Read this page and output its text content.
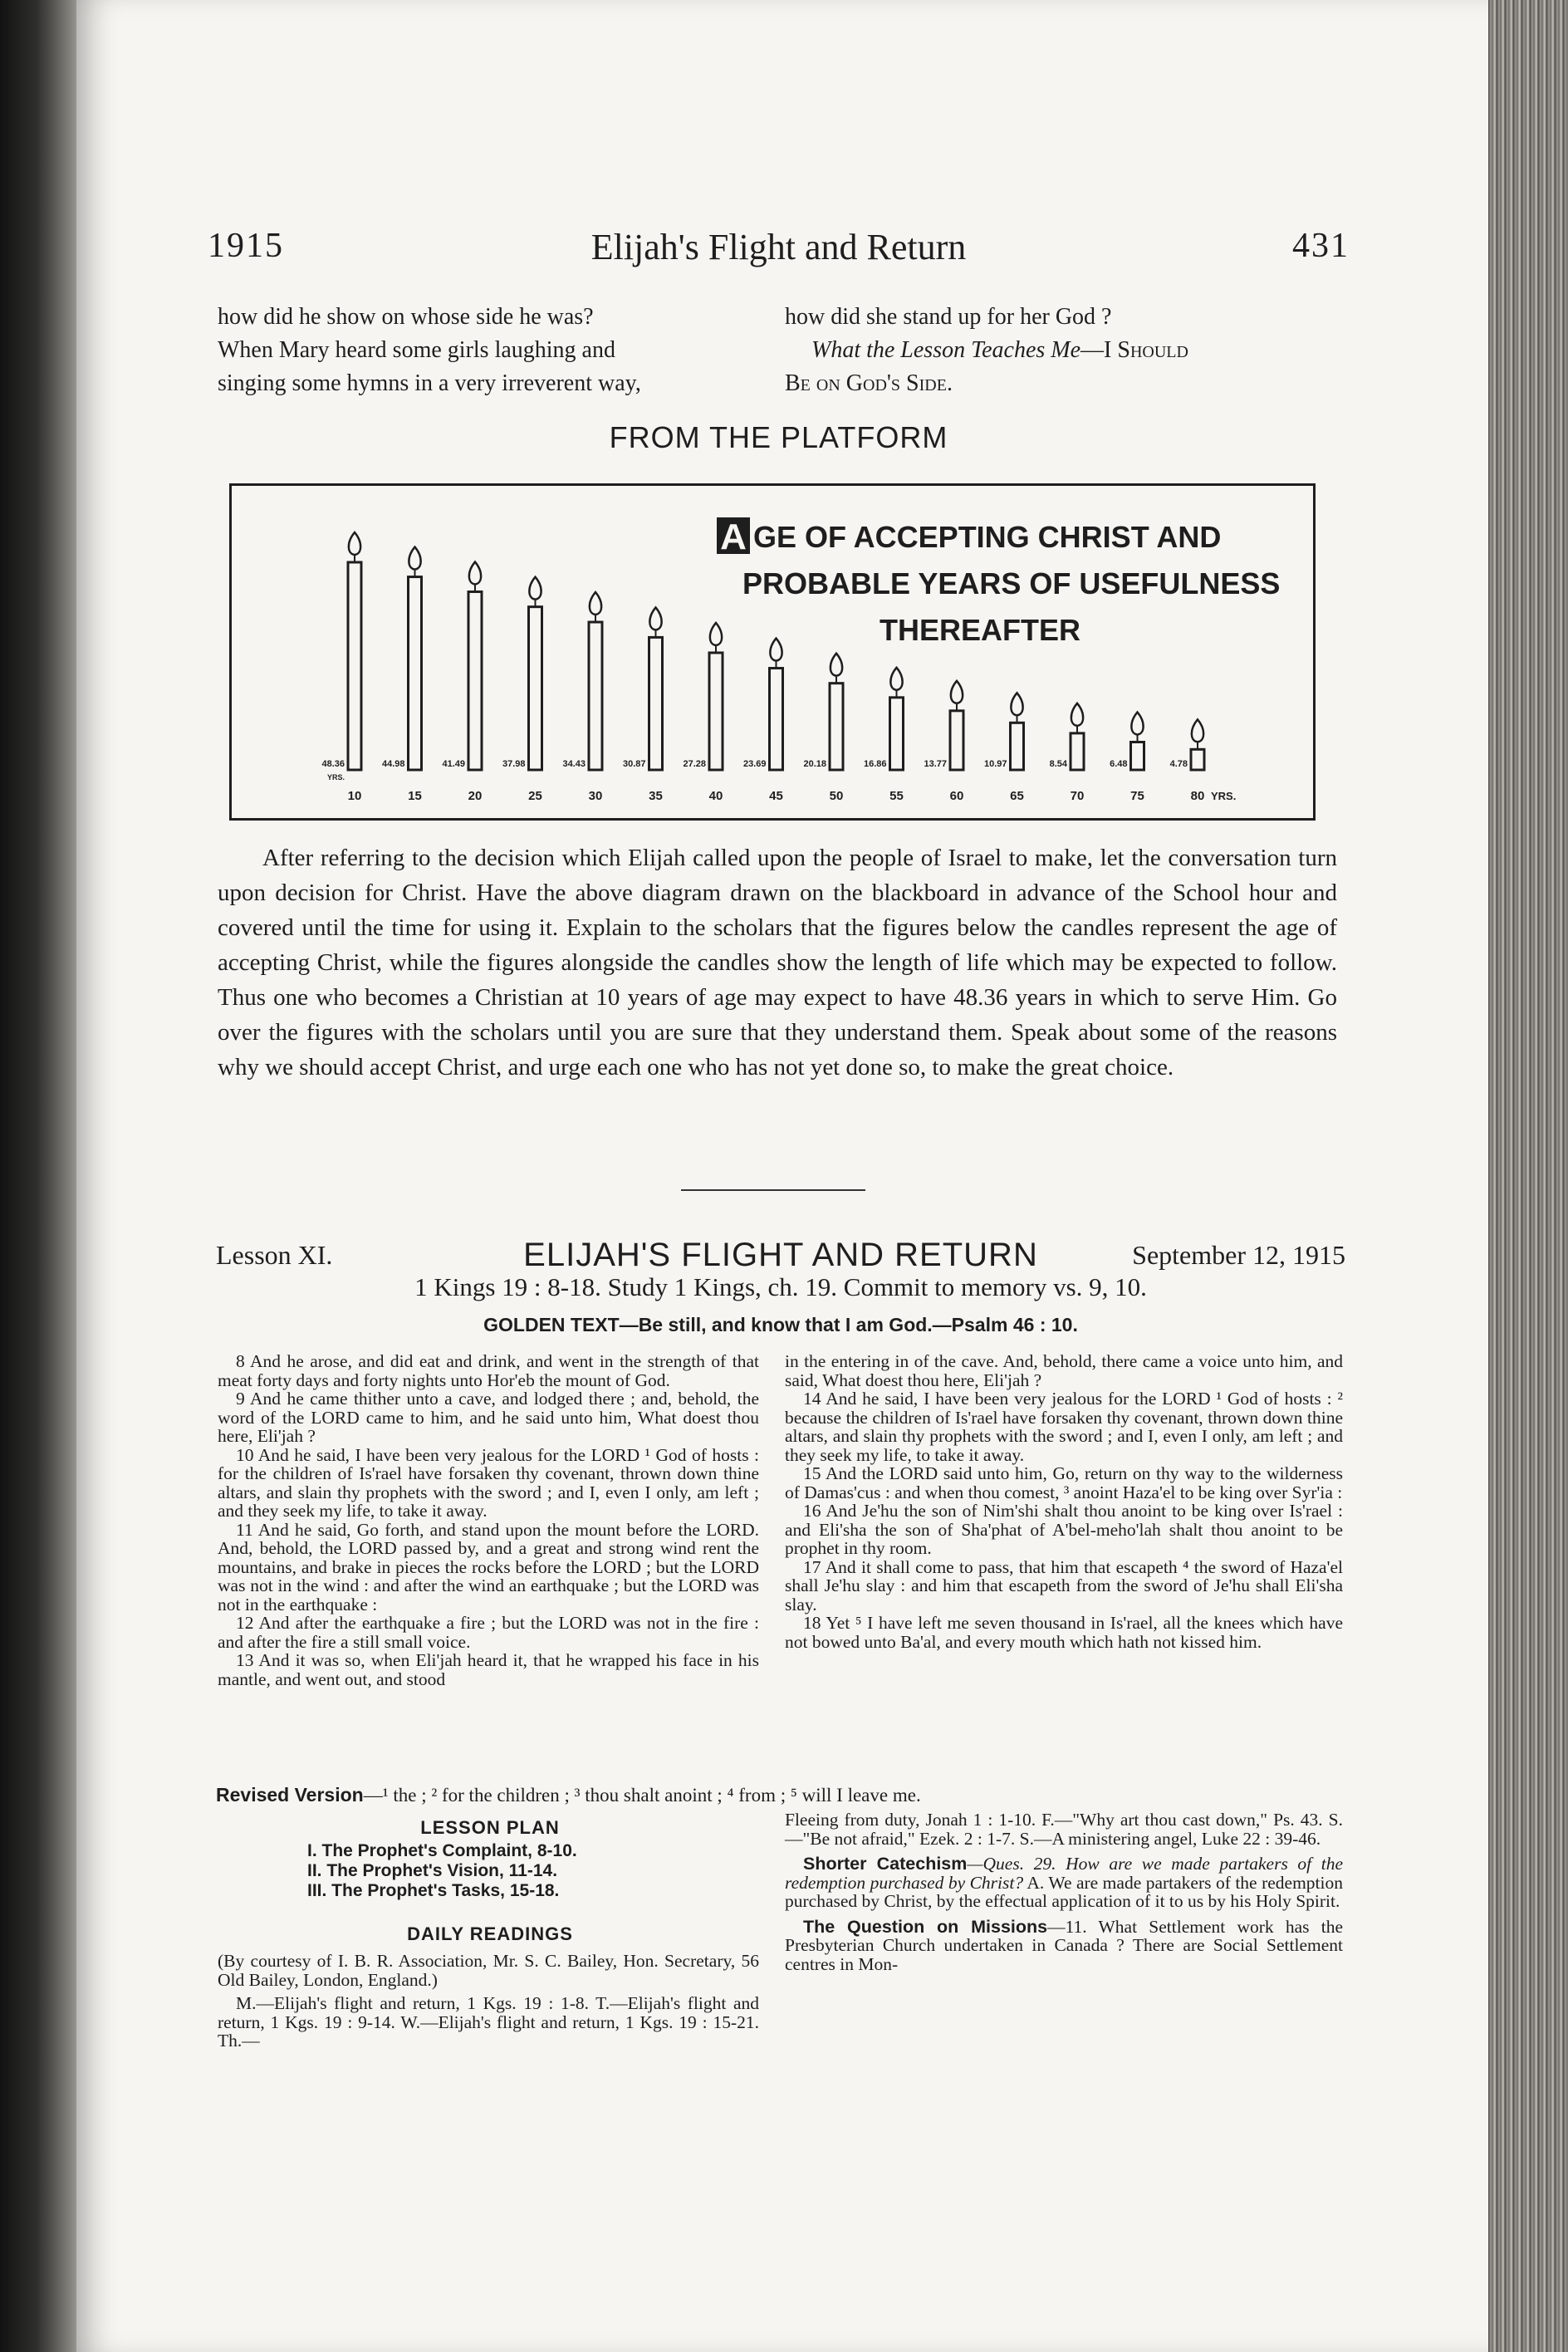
1915	Elijah's Flight and Return	431

how did he show on whose side he was?

When Mary heard some girls laughing and

singing some hymns in a very irreverent way,

how did she stand up for her God ?

What the Lesson Teaches Me—I Should

Be on God's Side.

FROM THE PLATFORM
A GE OF ACCEPTING CHRIST AND
PROBABLE YEARS OF USEFULNESS
THEREAFTER
48.36
10
44.98
15
41.49
20
37.98
25
34.43
30
30.87
35
27.28
40
23.69
45
20.18
50
16.86
55
13.77
60
10.97
65
8.54
70
6.48
75
4.78
80
YRS.
YRS.

After referring to the decision which Elijah called upon the people of Israel to make, let the conversation turn upon decision for Christ. Have the above diagram drawn on the blackboard in advance of the School hour and covered until the time for using it. Explain to the scholars that the figures below the candles represent the age of accepting Christ, while the figures alongside the candles show the length of life which may be expected to follow. Thus one who becomes a Christian at 10 years of age may expect to have 48.36 years in which to serve Him. Go over the figures with the scholars until you are sure that they understand them. Speak about some of the reasons why we should accept Christ, and urge each one who has not yet done so, to make the great choice.

Lesson XI.	ELIJAH'S FLIGHT AND RETURN	September 12, 1915
1 Kings 19 : 8-18. Study 1 Kings, ch. 19. Commit to memory vs. 9, 10.
GOLDEN TEXT—Be still, and know that I am God.—Psalm 46 : 10.

8 And he arose, and did eat and drink, and went in the strength of that meat forty days and forty nights unto Hor'eb the mount of God.

9 And he came thither unto a cave, and lodged there ; and, behold, the word of the LORD came to him, and he said unto him, What doest thou here, Eli'jah ?

10 And he said, I have been very jealous for the LORD ¹ God of hosts : for the children of Is'rael have forsaken thy covenant, thrown down thine altars, and slain thy prophets with the sword ; and I, even I only, am left ; and they seek my life, to take it away.

11 And he said, Go forth, and stand upon the mount before the LORD. And, behold, the LORD passed by, and a great and strong wind rent the mountains, and brake in pieces the rocks before the LORD ; but the LORD was not in the wind : and after the wind an earthquake ; but the LORD was not in the earthquake :

12 And after the earthquake a fire ; but the LORD was not in the fire : and after the fire a still small voice.

13 And it was so, when Eli'jah heard it, that he wrapped his face in his mantle, and went out, and stood

in the entering in of the cave. And, behold, there came a voice unto him, and said, What doest thou here, Eli'jah ?

14 And he said, I have been very jealous for the LORD ¹ God of hosts : ² because the children of Is'rael have forsaken thy covenant, thrown down thine altars, and slain thy prophets with the sword ; and I, even I only, am left ; and they seek my life, to take it away.

15 And the LORD said unto him, Go, return on thy way to the wilderness of Damas'cus : and when thou comest, ³ anoint Haza'el to be king over Syr'ia :

16 And Je'hu the son of Nim'shi shalt thou anoint to be king over Is'rael : and Eli'sha the son of Sha'phat of A'bel-meho'lah shalt thou anoint to be prophet in thy room.

17 And it shall come to pass, that him that escapeth ⁴ the sword of Haza'el shall Je'hu slay : and him that escapeth from the sword of Je'hu shall Eli'sha slay.

18 Yet ⁵ I have left me seven thousand in Is'rael, all the knees which have not bowed unto Ba'al, and every mouth which hath not kissed him.

Revised Version—¹ the ; ² for the children ; ³ thou shalt anoint ; ⁴ from ; ⁵ will I leave me.
LESSON PLAN
I. The Prophet's Complaint, 8-10.
II. The Prophet's Vision, 11-14.
III. The Prophet's Tasks, 15-18.
DAILY READINGS

(By courtesy of I. B. R. Association, Mr. S. C. Bailey, Hon. Secretary, 56 Old Bailey, London, England.)

M.—Elijah's flight and return, 1 Kgs. 19 : 1-8. T.—Elijah's flight and return, 1 Kgs. 19 : 9-14. W.—Elijah's flight and return, 1 Kgs. 19 : 15-21. Th.—

Fleeing from duty, Jonah 1 : 1-10. F.—"Why art thou cast down," Ps. 43. S.—"Be not afraid," Ezek. 2 : 1-7. S.—A ministering angel, Luke 22 : 39-46.

Shorter Catechism—Ques. 29. How are we made partakers of the redemption purchased by Christ? A. We are made partakers of the redemption purchased by Christ, by the effectual application of it to us by his Holy Spirit.

The Question on Missions—11. What Settlement work has the Presbyterian Church undertaken in Canada ? There are Social Settlement centres in Mon-
